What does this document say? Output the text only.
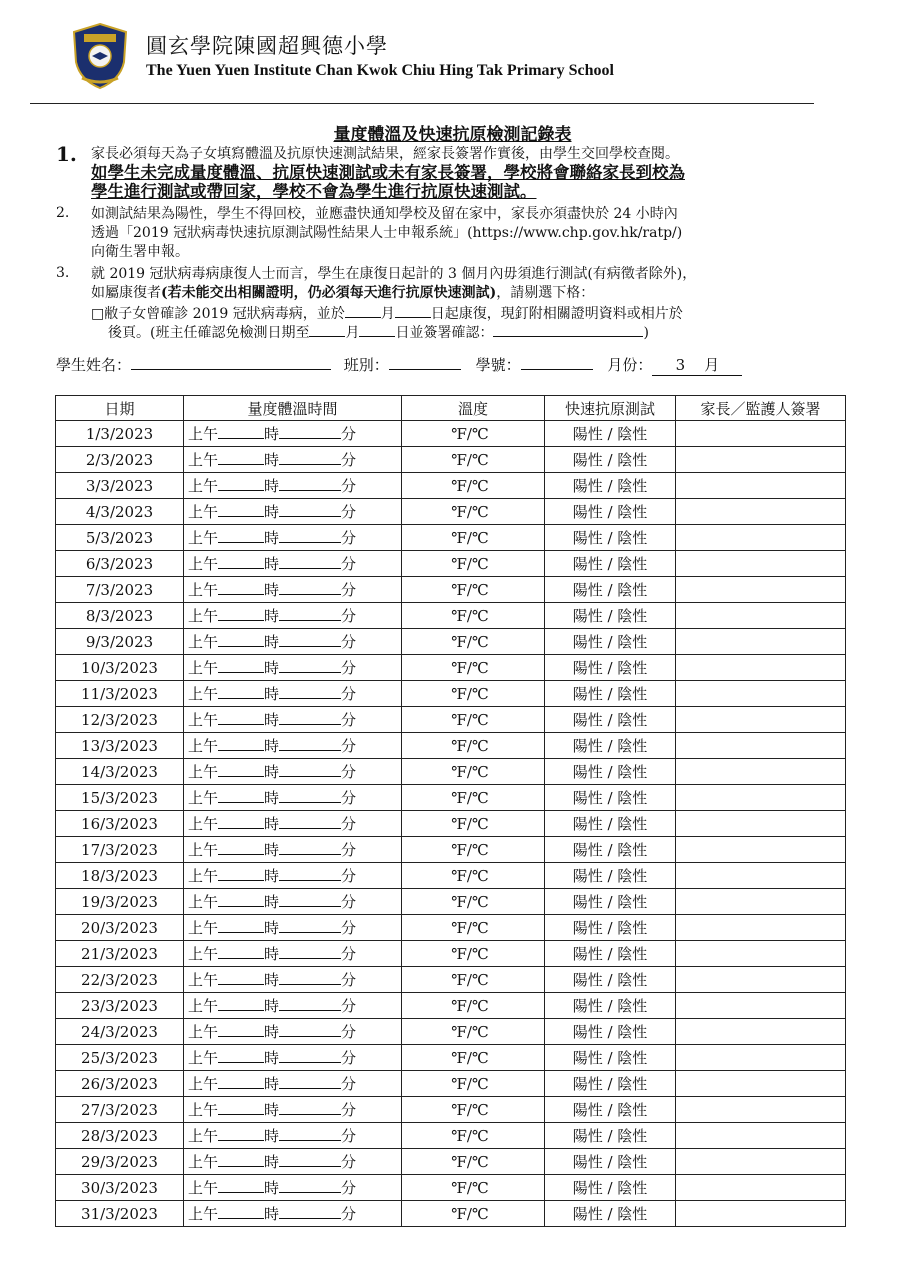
圓玄學院陳國超興德小學
The Yuen Yuen Institute Chan Kwok Chiu Hing Tak Primary School
量度體溫及快速抗原檢測記錄表
1. 家長必須每天為子女填寫體溫及抗原快速測試結果，經家長簽署作實後，由學生交回學校查閱。
如學生未完成量度體溫、抗原快速測試或未有家長簽署，學校將會聯絡家長到校為
學生進行測試或帶回家，學校不會為學生進行抗原快速測試。
2. 如測試結果為陽性，學生不得回校，並應盡快通知學校及留在家中，家長亦須盡快於 24 小時內
透過「2019 冠狀病毒快速抗原測試陽性結果人士申報系統」(https://www.chp.gov.hk/ratp/)
向衛生署申報。
3. 就 2019 冠狀病毒病康復人士而言，學生在康復日起計的 3 個月內毋須進行測試(有病徵者除外)，
如屬康復者(若未能交出相關證明，仍必須每天進行抗原快速測試)，請剔選下格：
□敝子女曾確診 2019 冠狀病毒病，並於	月	日起康復，現釘附相關證明資料或相片於
後頁。(班主任確認免檢測日期至	月	日並簽署確認：	)
學生姓名：	班別：	學號：	月份： 3 月
日期	量度體溫時間	溫度	快速抗原測試	家長／監護人簽署
1/3/2023	上午 時 分	℉/℃	陽性 / 陰性	
2/3/2023	上午 時 分	℉/℃	陽性 / 陰性	
3/3/2023	上午 時 分	℉/℃	陽性 / 陰性	
4/3/2023	上午 時 分	℉/℃	陽性 / 陰性	
5/3/2023	上午 時 分	℉/℃	陽性 / 陰性	
6/3/2023	上午 時 分	℉/℃	陽性 / 陰性	
7/3/2023	上午 時 分	℉/℃	陽性 / 陰性	
8/3/2023	上午 時 分	℉/℃	陽性 / 陰性	
9/3/2023	上午 時 分	℉/℃	陽性 / 陰性	
10/3/2023	上午 時 分	℉/℃	陽性 / 陰性	
11/3/2023	上午 時 分	℉/℃	陽性 / 陰性	
12/3/2023	上午 時 分	℉/℃	陽性 / 陰性	
13/3/2023	上午 時 分	℉/℃	陽性 / 陰性	
14/3/2023	上午 時 分	℉/℃	陽性 / 陰性	
15/3/2023	上午 時 分	℉/℃	陽性 / 陰性	
16/3/2023	上午 時 分	℉/℃	陽性 / 陰性	
17/3/2023	上午 時 分	℉/℃	陽性 / 陰性	
18/3/2023	上午 時 分	℉/℃	陽性 / 陰性	
19/3/2023	上午 時 分	℉/℃	陽性 / 陰性	
20/3/2023	上午 時 分	℉/℃	陽性 / 陰性	
21/3/2023	上午 時 分	℉/℃	陽性 / 陰性	
22/3/2023	上午 時 分	℉/℃	陽性 / 陰性	
23/3/2023	上午 時 分	℉/℃	陽性 / 陰性	
24/3/2023	上午 時 分	℉/℃	陽性 / 陰性	
25/3/2023	上午 時 分	℉/℃	陽性 / 陰性	
26/3/2023	上午 時 分	℉/℃	陽性 / 陰性	
27/3/2023	上午 時 分	℉/℃	陽性 / 陰性	
28/3/2023	上午 時 分	℉/℃	陽性 / 陰性	
29/3/2023	上午 時 分	℉/℃	陽性 / 陰性	
30/3/2023	上午 時 分	℉/℃	陽性 / 陰性	
31/3/2023	上午 時 分	℉/℃	陽性 / 陰性	
